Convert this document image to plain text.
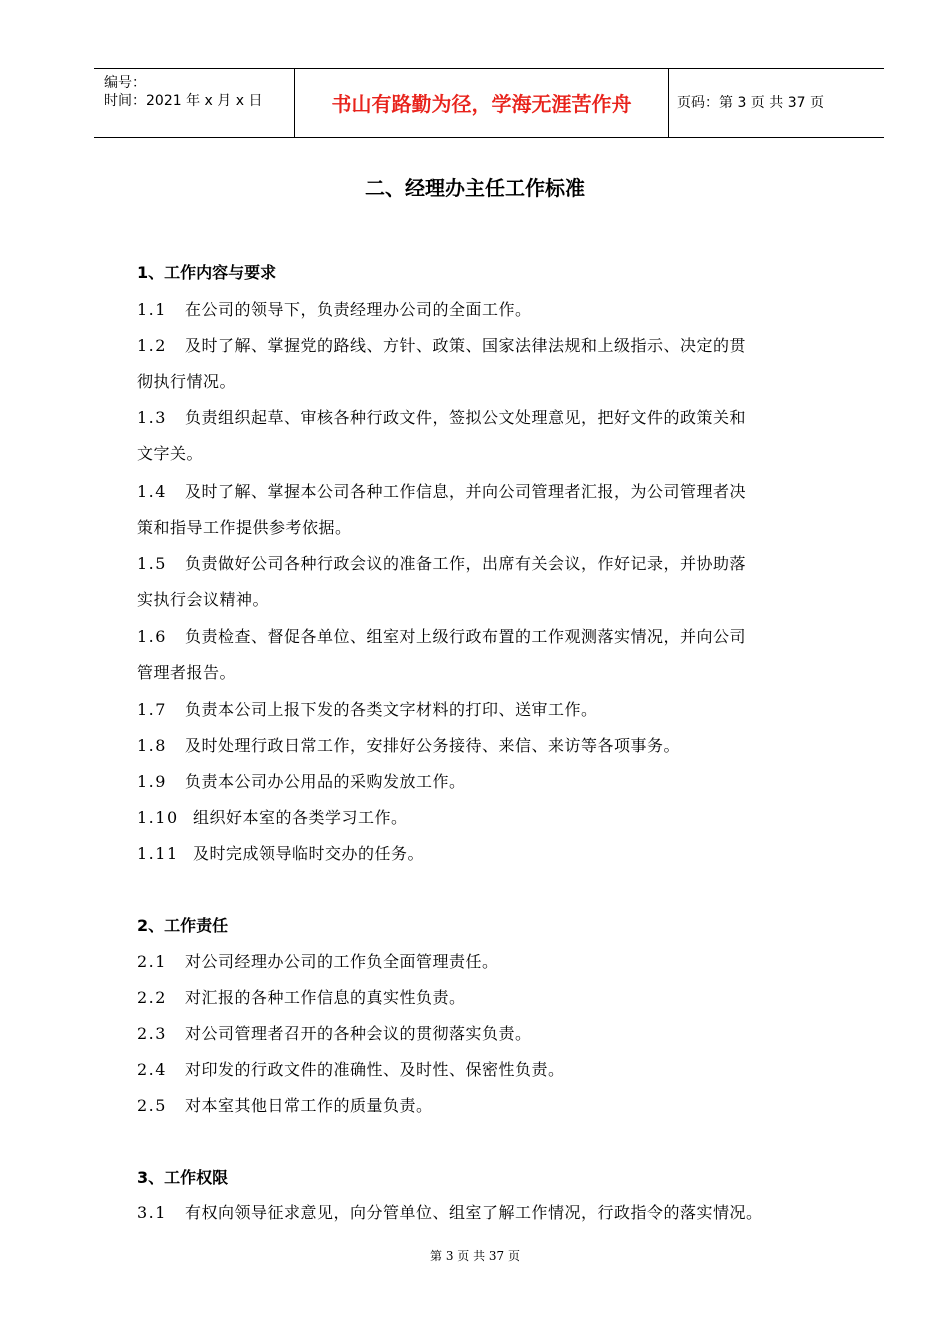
编号：
时间：2021 年 x 月 x 日	书山有路勤为径，学海无涯苦作舟	页码：第 3 页 共 37 页
二、经理办主任工作标准
1、工作内容与要求
1.1 在公司的领导下，负责经理办公司的全面工作。
1.2 及时了解、掌握党的路线、方针、政策、国家法律法规和上级指示、决定的贯
彻执行情况。
1.3 负责组织起草、审核各种行政文件，签拟公文处理意见，把好文件的政策关和
文字关。
1.4 及时了解、掌握本公司各种工作信息，并向公司管理者汇报，为公司管理者决
策和指导工作提供参考依据。
1.5 负责做好公司各种行政会议的准备工作，出席有关会议，作好记录，并协助落
实执行会议精神。
1.6 负责检查、督促各单位、组室对上级行政布置的工作观测落实情况，并向公司
管理者报告。
1.7 负责本公司上报下发的各类文字材料的打印、送审工作。
1.8 及时处理行政日常工作，安排好公务接待、来信、来访等各项事务。
1.9 负责本公司办公用品的采购发放工作。
1.10 组织好本室的各类学习工作。
1.11 及时完成领导临时交办的任务。
2、工作责任
2.1 对公司经理办公司的工作负全面管理责任。
2.2 对汇报的各种工作信息的真实性负责。
2.3 对公司管理者召开的各种会议的贯彻落实负责。
2.4 对印发的行政文件的准确性、及时性、保密性负责。
2.5 对本室其他日常工作的质量负责。
3、工作权限
3.1 有权向领导征求意见，向分管单位、组室了解工作情况，行政指令的落实情况。
第 3 页 共 37 页
